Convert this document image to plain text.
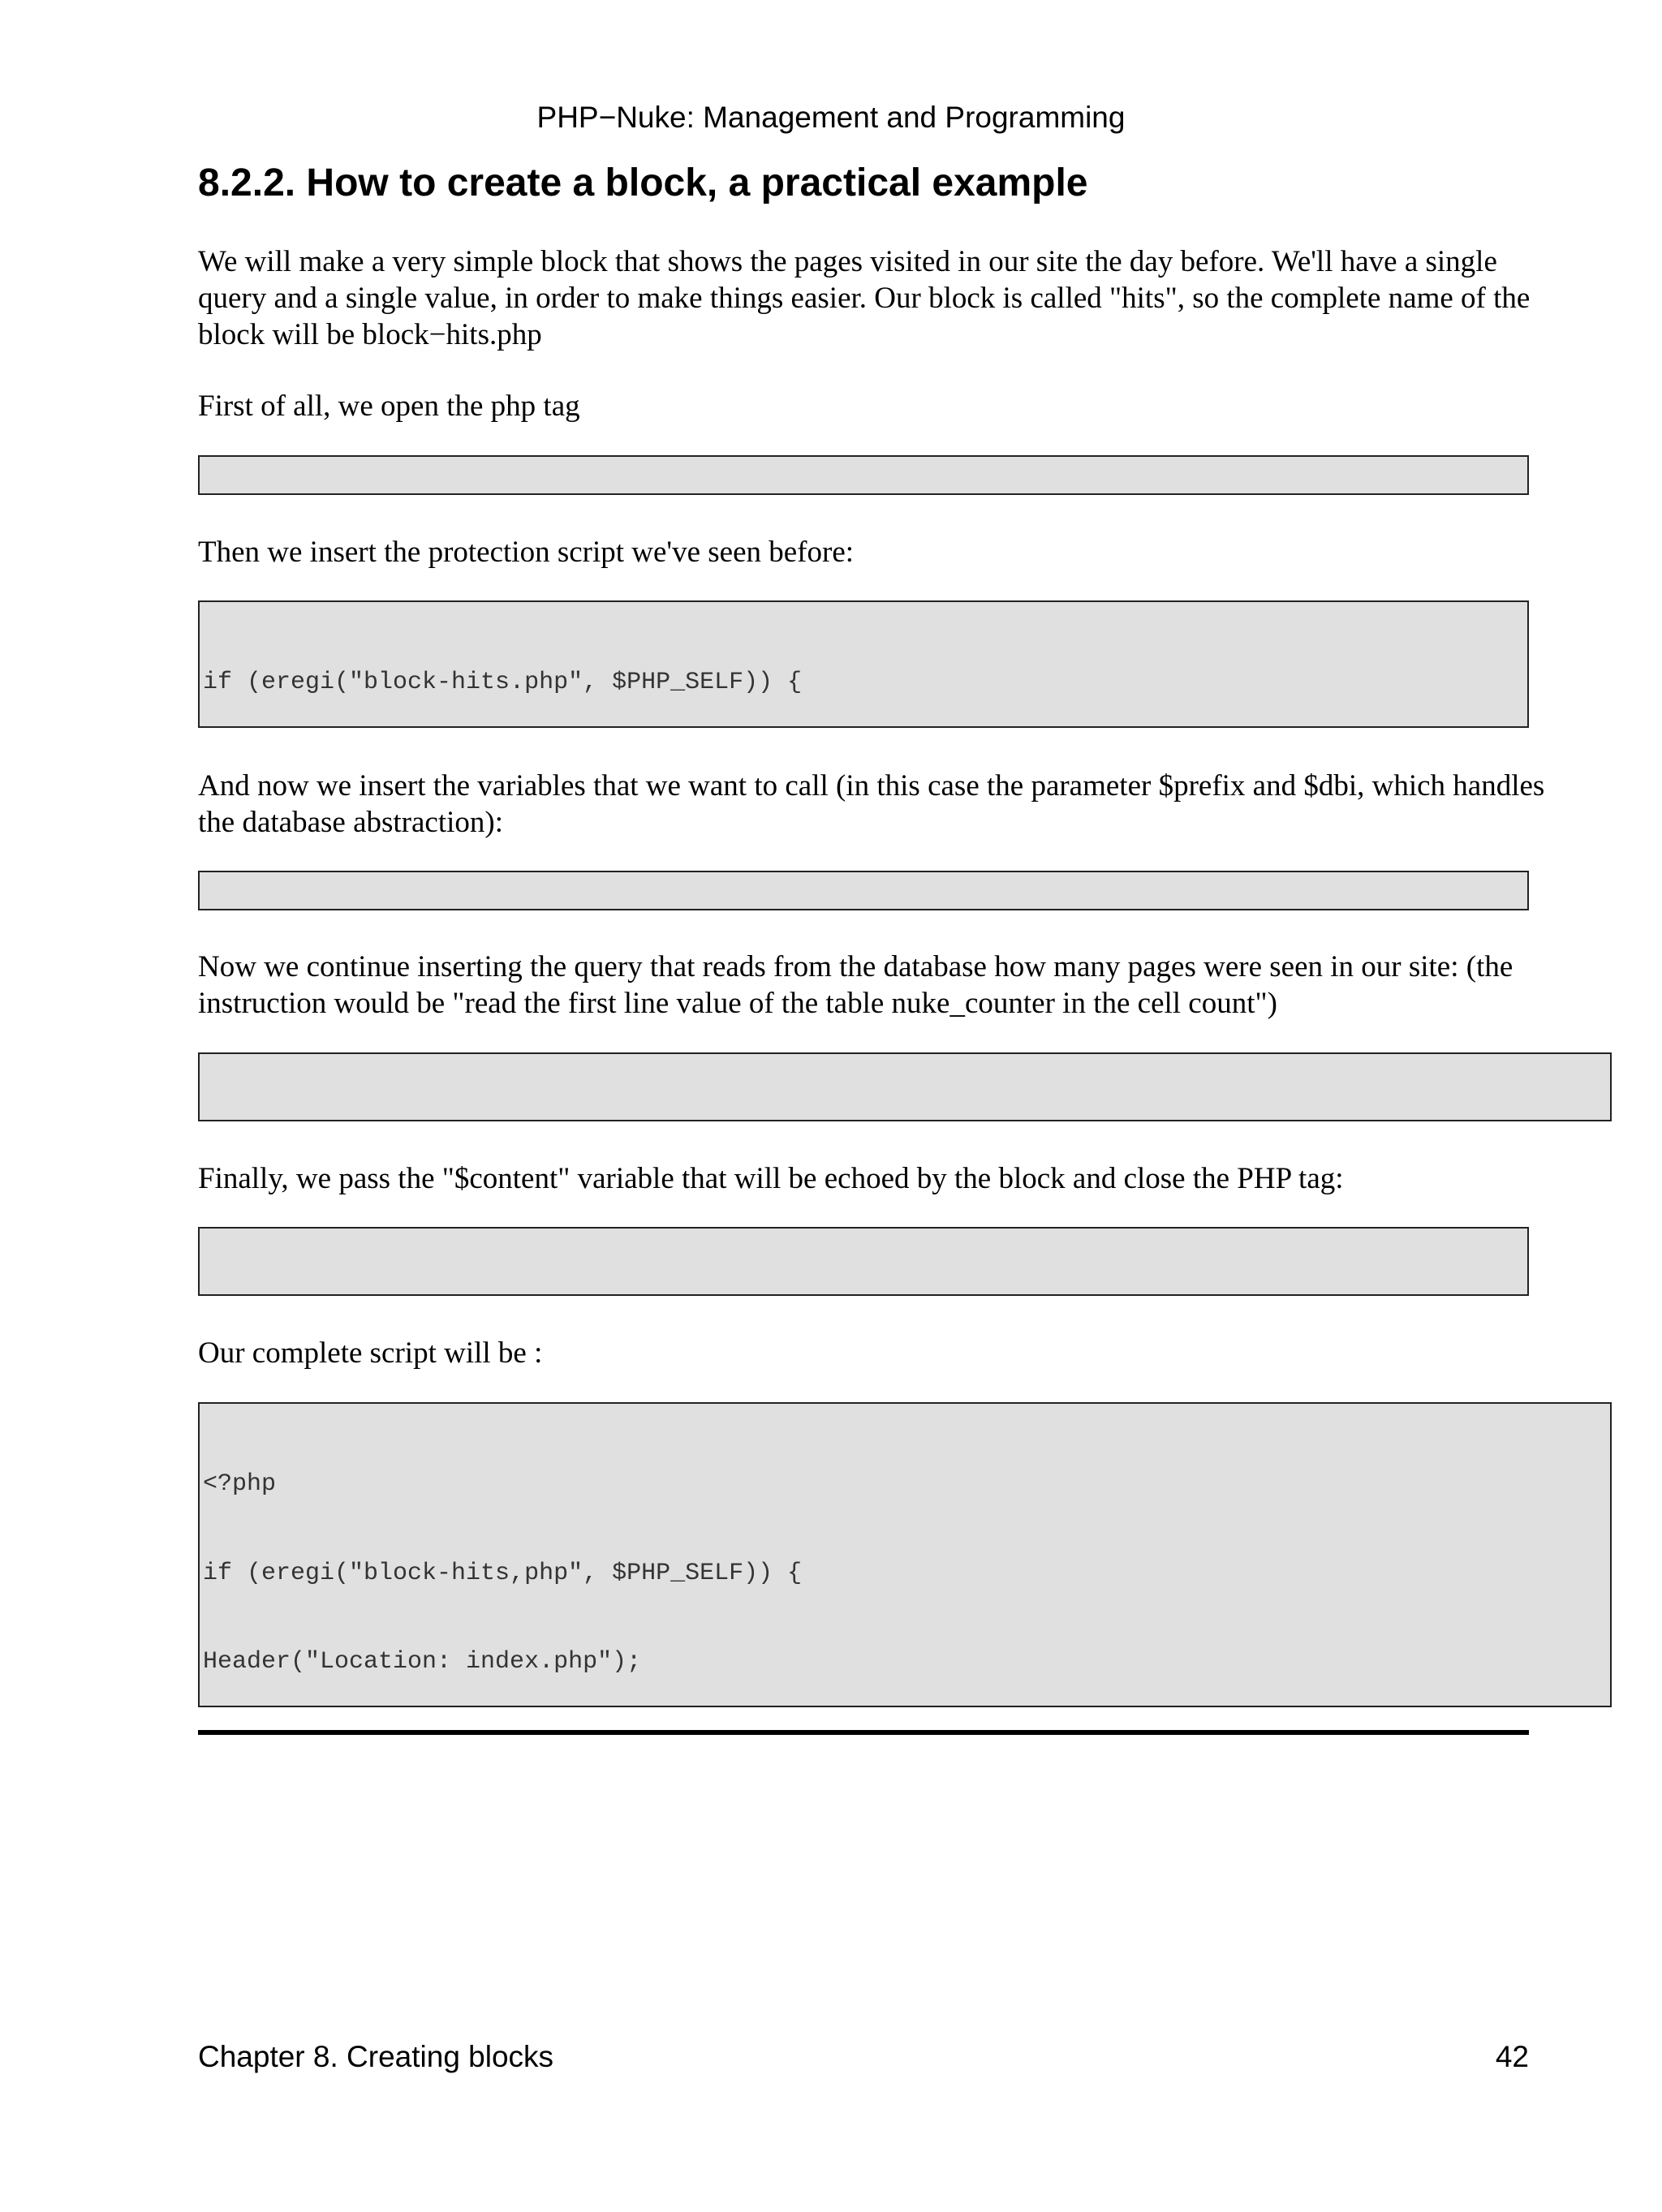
PHP−Nuke: Management and Programming
8.2.2. How to create a block, a practical example

We will make a very simple block that shows the pages visited in our site the day before. We'll have a single query and a single value, in order to make things easier. Our block is called "hits", so the complete name of the block will be block−hits.php

First of all, we open the php tag

Then we insert the protection script we've seen before:

if (eregi("block-hits.php", $PHP_SELF)) {

And now we insert the variables that we want to call (in this case the parameter $prefix and $dbi, which handles the database abstraction):

Now we continue inserting the query that reads from the database how many pages were seen in our site: (the instruction would be "read the first line value of the table nuke_counter in the cell count")

Finally, we pass the "$content" variable that will be echoed by the block and close the PHP tag:

Our complete script will be :

<?php

if (eregi("block-hits,php", $PHP_SELF)) {

Header("Location: index.php");

Chapter 8. Creating blocks	42
